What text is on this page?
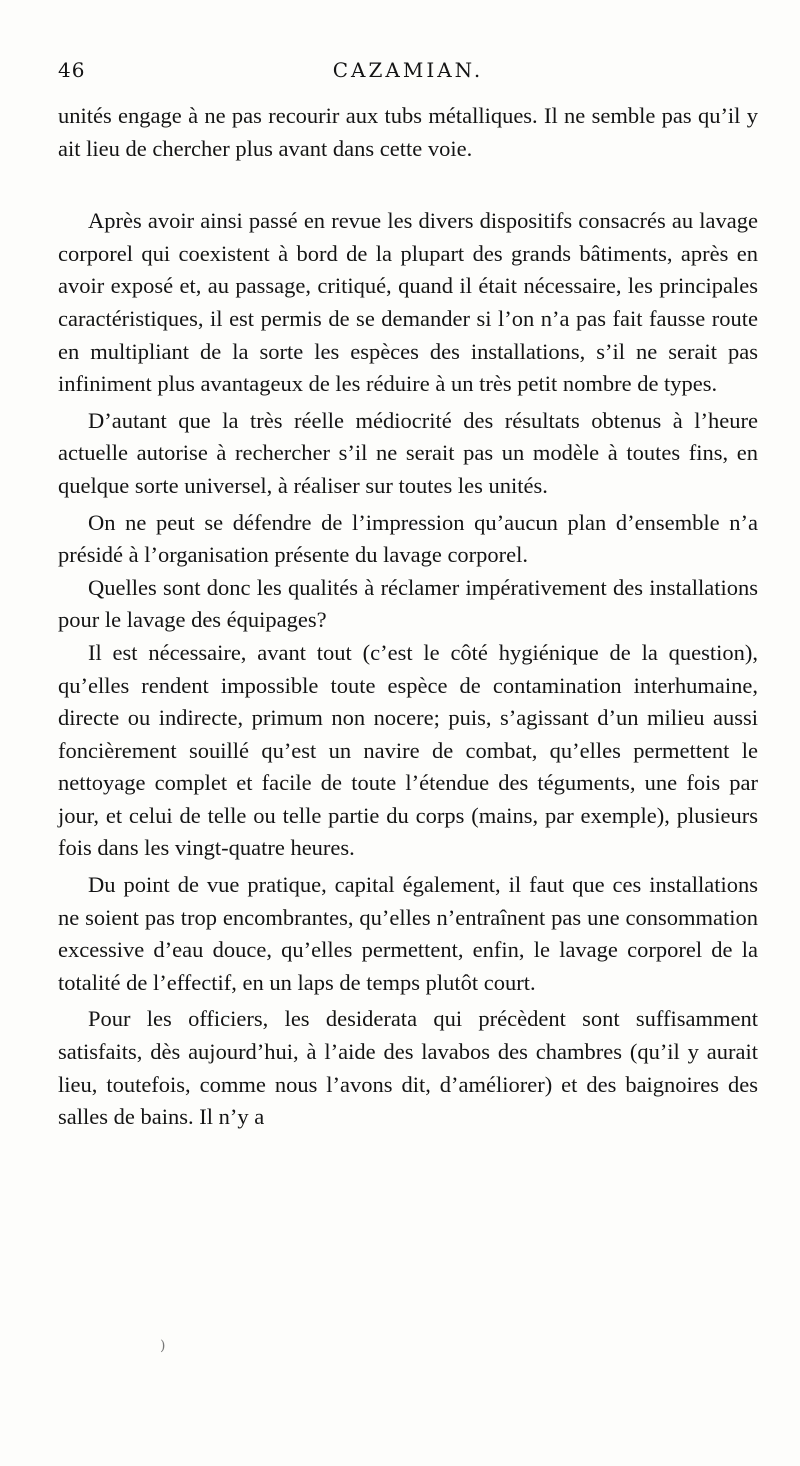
46	CAZAMIAN.

unités engage à ne pas recourir aux tubs métalliques. Il ne semble pas qu’il y ait lieu de chercher plus avant dans cette voie.

Après avoir ainsi passé en revue les divers dispositifs consacrés au lavage corporel qui coexistent à bord de la plupart des grands bâtiments, après en avoir exposé et, au passage, critiqué, quand il était nécessaire, les principales caractéristiques, il est permis de se demander si l’on n’a pas fait fausse route en multipliant de la sorte les espèces des installations, s’il ne serait pas infiniment plus avantageux de les réduire à un très petit nombre de types.

D’autant que la très réelle médiocrité des résultats obtenus à l’heure actuelle autorise à rechercher s’il ne serait pas un modèle à toutes fins, en quelque sorte universel, à réaliser sur toutes les unités.

On ne peut se défendre de l’impression qu’aucun plan d’ensemble n’a présidé à l’organisation présente du lavage corporel.

Quelles sont donc les qualités à réclamer impérativement des installations pour le lavage des équipages?

Il est nécessaire, avant tout (c’est le côté hygiénique de la question), qu’elles rendent impossible toute espèce de contamination interhumaine, directe ou indirecte, primum non nocere; puis, s’agissant d’un milieu aussi foncièrement souillé qu’est un navire de combat, qu’elles permettent le nettoyage complet et facile de toute l’étendue des téguments, une fois par jour, et celui de telle ou telle partie du corps (mains, par exemple), plusieurs fois dans les vingt-quatre heures.

Du point de vue pratique, capital également, il faut que ces installations ne soient pas trop encombrantes, qu’elles n’entraînent pas une consommation excessive d’eau douce, qu’elles permettent, enfin, le lavage corporel de la totalité de l’effectif, en un laps de temps plutôt court.

Pour les officiers, les desiderata qui précèdent sont suffisamment satisfaits, dès aujourd’hui, à l’aide des lavabos des chambres (qu’il y aurait lieu, toutefois, comme nous l’avons dit, d’améliorer) et des baignoires des salles de bains. Il n’y a

)
